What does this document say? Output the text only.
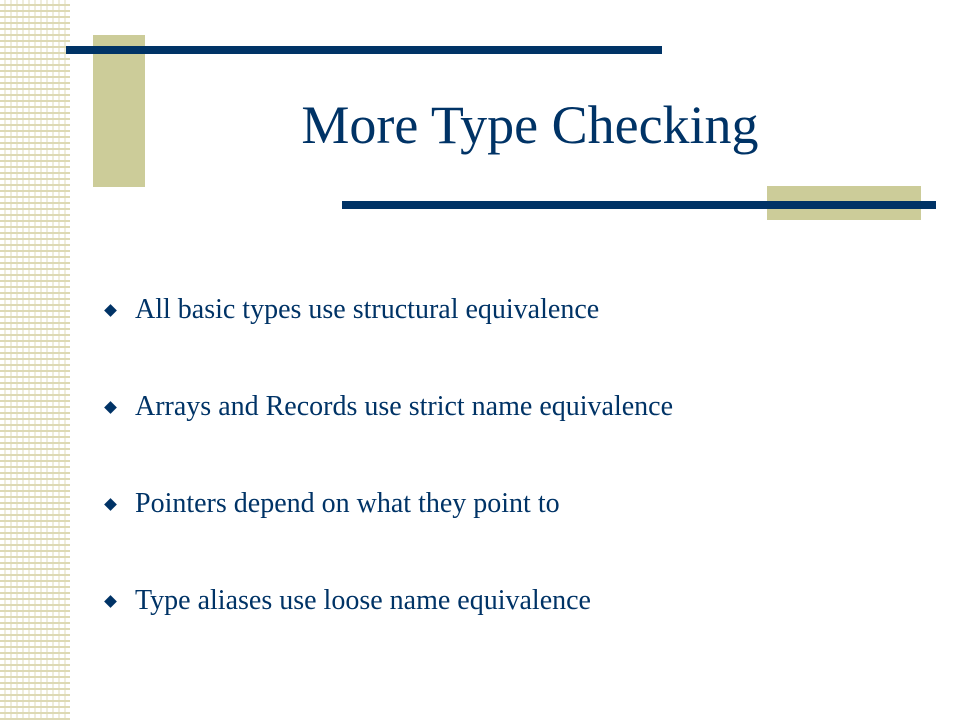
More Type Checking
All basic types use structural equivalence
Arrays and Records use strict name equivalence
Pointers depend on what they point to
Type aliases use loose name equivalence
